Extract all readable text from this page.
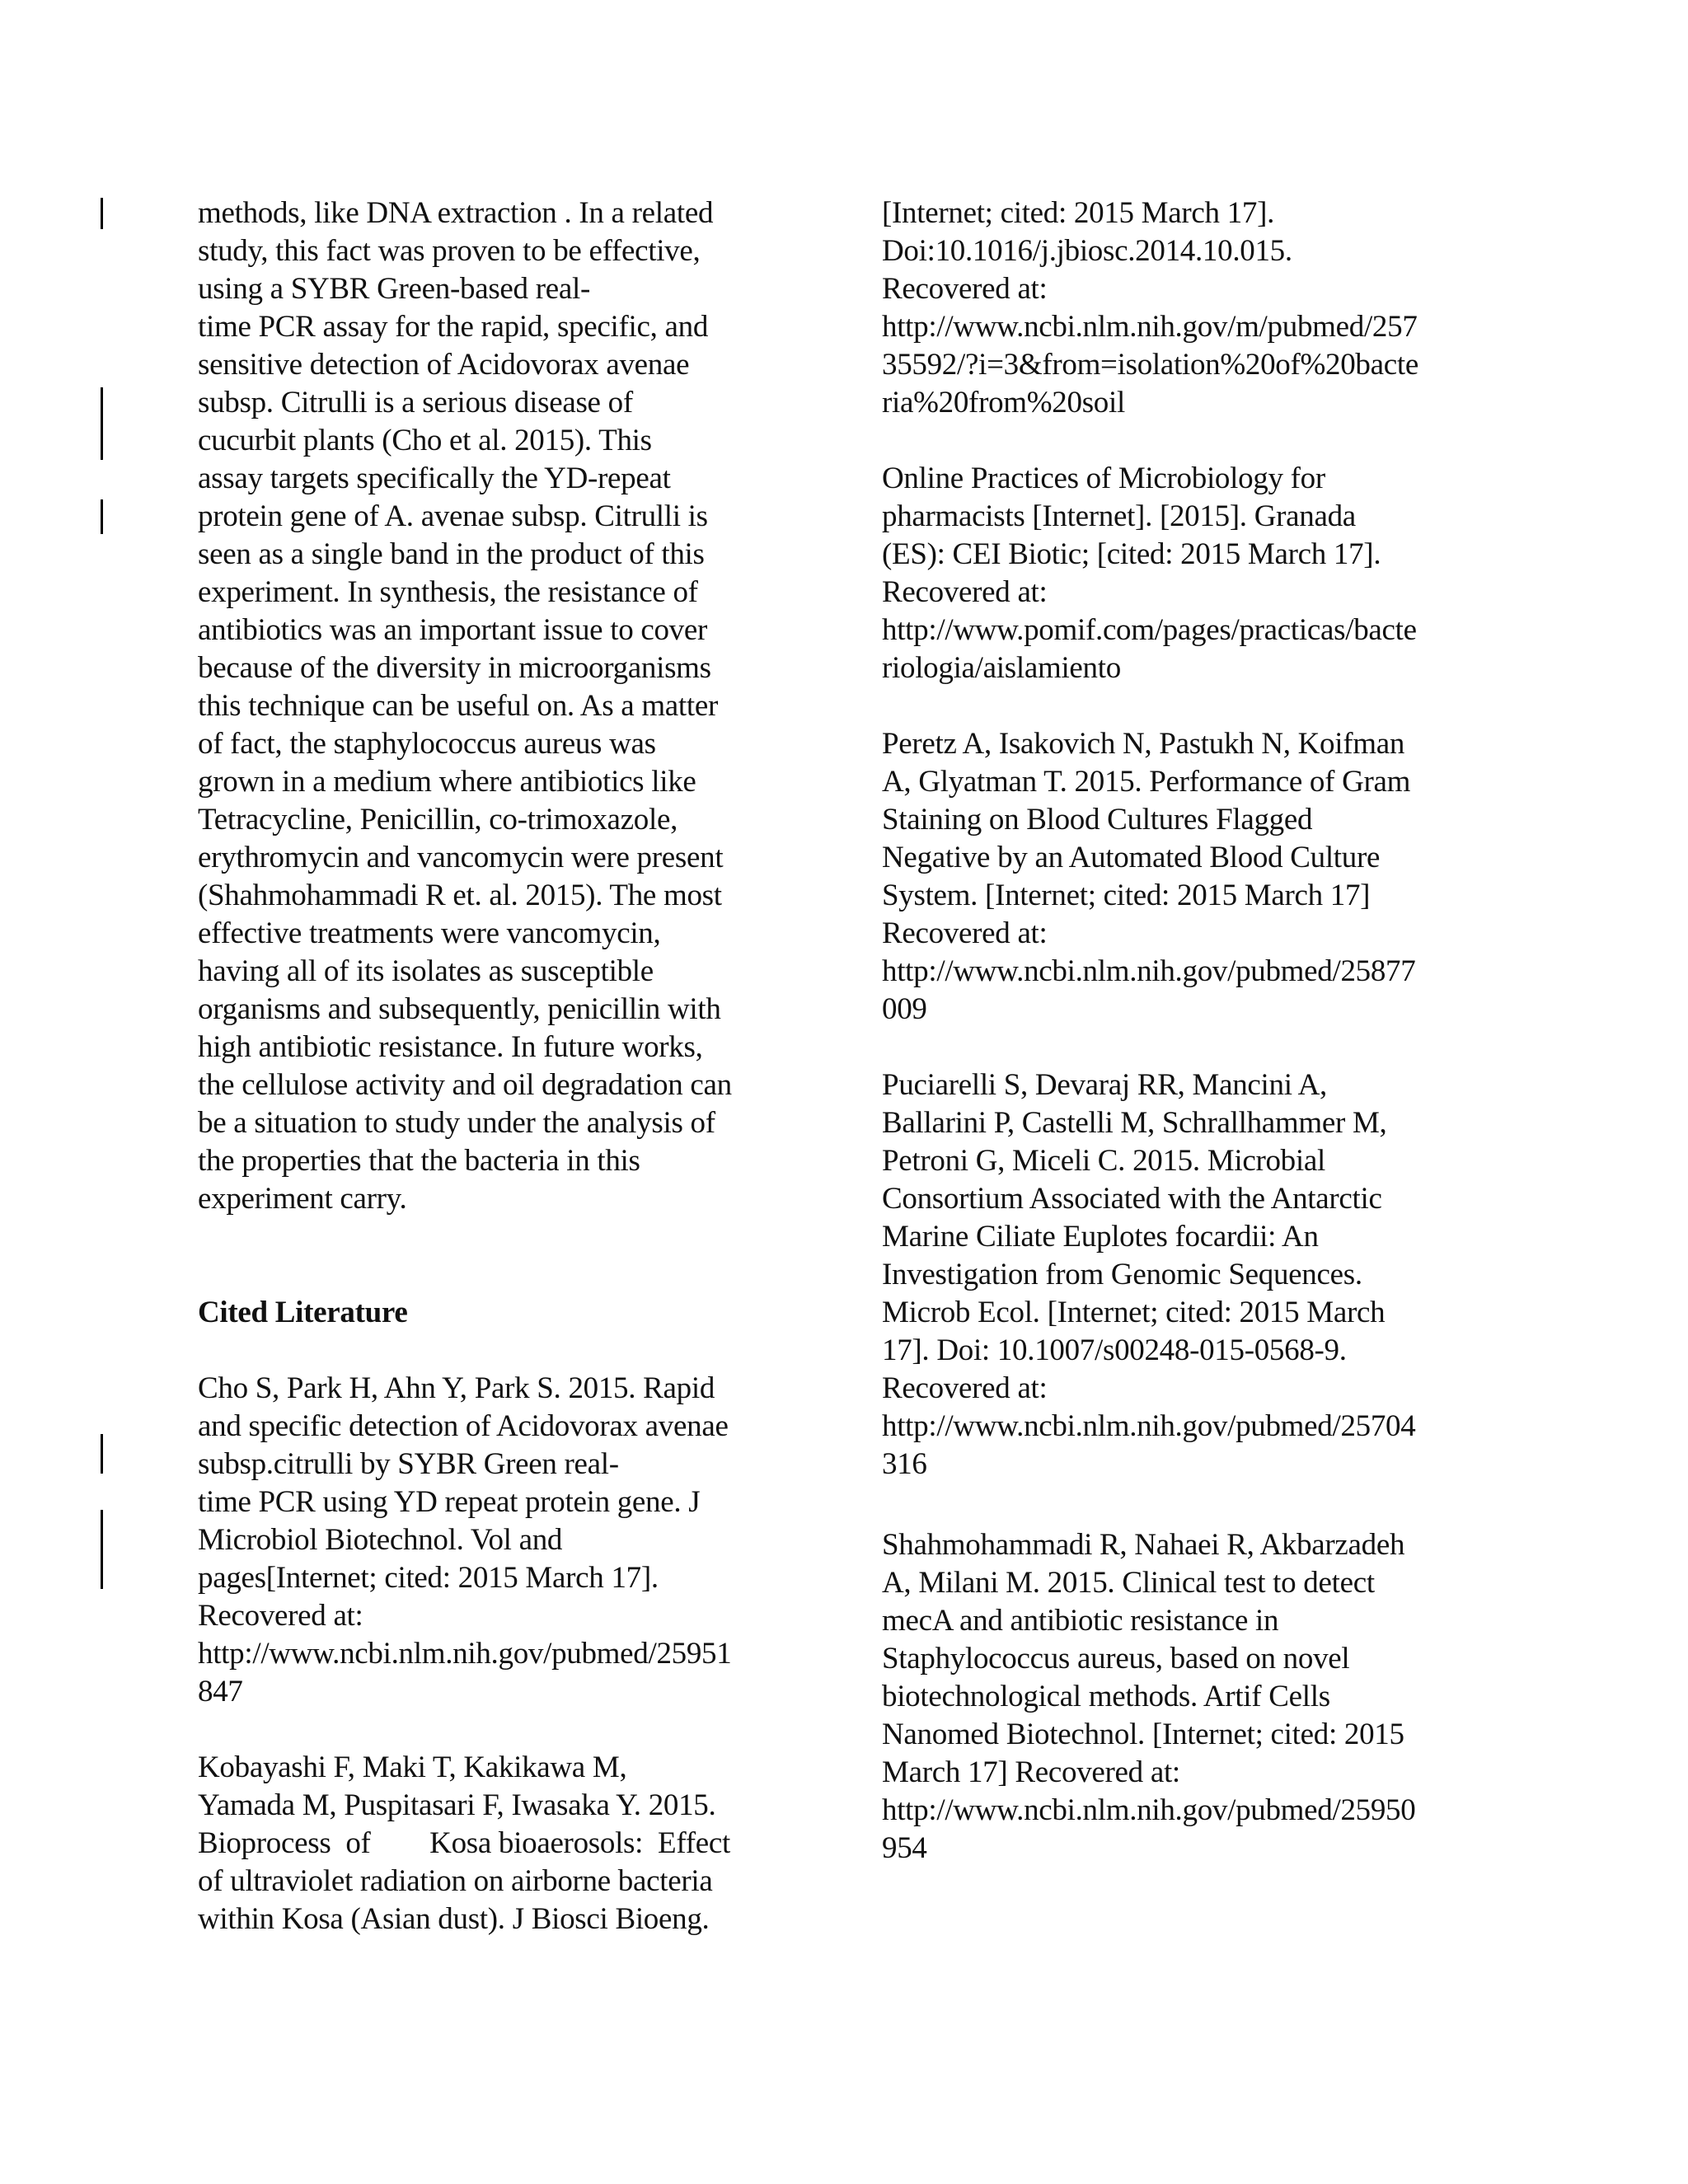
methods, like DNA extraction . In a related
study, this fact was proven to be effective,
using a SYBR Green-based real-
time PCR assay for the rapid, specific, and
sensitive detection of Acidovorax avenae
subsp. Citrulli is a serious disease of
cucurbit plants (Cho et al. 2015). This
assay targets specifically the YD-repeat
protein gene of A. avenae subsp. Citrulli is
seen as a single band in the product of this
experiment. In synthesis, the resistance of
antibiotics was an important issue to cover
because of the diversity in microorganisms
this technique can be useful on. As a matter
of fact, the staphylococcus aureus was
grown in a medium where antibiotics like
Tetracycline, Penicillin, co-trimoxazole,
erythromycin and vancomycin were present
(Shahmohammadi R et. al. 2015). The most
effective treatments were vancomycin,
having all of its isolates as susceptible
organisms and subsequently, penicillin with
high antibiotic resistance. In future works,
the cellulose activity and oil degradation can
be a situation to study under the analysis of
the properties that the bacteria in this
experiment carry.
Cited Literature
Cho S, Park H, Ahn Y, Park S. 2015. Rapid
and specific detection of Acidovorax avenae
subsp.citrulli by SYBR Green real-
time PCR using YD repeat protein gene. J
Microbiol Biotechnol. Vol and
pages[Internet; cited: 2015 March 17].
Recovered at:
http://www.ncbi.nlm.nih.gov/pubmed/25951
847
Kobayashi F, Maki T, Kakikawa M,
Yamada M, Puspitasari F, Iwasaka Y. 2015.
Bioprocess  of        Kosa bioaerosols:  Effect
of ultraviolet radiation on airborne bacteria
within Kosa (Asian dust). J Biosci Bioeng.
[Internet; cited: 2015 March 17].
Doi:10.1016/j.jbiosc.2014.10.015.
Recovered at:
http://www.ncbi.nlm.nih.gov/m/pubmed/257
35592/?i=3&from=isolation%20of%20bacte
ria%20from%20soil
Online Practices of Microbiology for
pharmacists [Internet]. [2015]. Granada
(ES): CEI Biotic; [cited: 2015 March 17].
Recovered at:
http://www.pomif.com/pages/practicas/bacte
riologia/aislamiento
Peretz A, Isakovich N, Pastukh N, Koifman
A, Glyatman T. 2015. Performance of Gram
Staining on Blood Cultures Flagged
Negative by an Automated Blood Culture
System. [Internet; cited: 2015 March 17]
Recovered at:
http://www.ncbi.nlm.nih.gov/pubmed/25877
009
Puciarelli S, Devaraj RR, Mancini A,
Ballarini P, Castelli M, Schrallhammer M,
Petroni G, Miceli C. 2015. Microbial
Consortium Associated with the Antarctic
Marine Ciliate Euplotes focardii: An
Investigation from Genomic Sequences.
Microb Ecol. [Internet; cited: 2015 March
17]. Doi: 10.1007/s00248-015-0568-9.
Recovered at:
http://www.ncbi.nlm.nih.gov/pubmed/25704
316
Shahmohammadi R, Nahaei R, Akbarzadeh
A, Milani M. 2015. Clinical test to detect
mecA and antibiotic resistance in
Staphylococcus aureus, based on novel
biotechnological methods. Artif Cells
Nanomed Biotechnol. [Internet; cited: 2015
March 17] Recovered at:
http://www.ncbi.nlm.nih.gov/pubmed/25950
954
